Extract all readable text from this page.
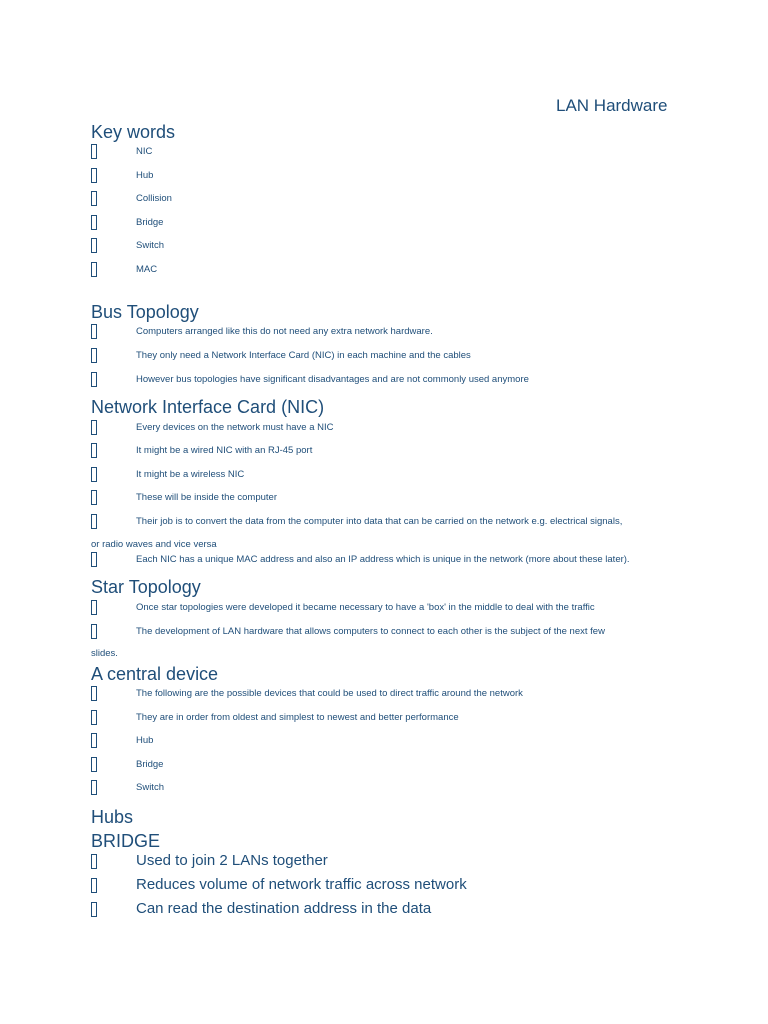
LAN Hardware
Key words
NIC
Hub
Collision
Bridge
Switch
MAC
Bus Topology
Computers arranged like this do not need any extra network hardware.
They only need a Network Interface Card (NIC) in each machine and the cables
However bus topologies have significant disadvantages and are not commonly used anymore
Network Interface Card (NIC)
Every devices on the network must have a NIC
It might be a wired NIC with an RJ-45 port
It might be a wireless NIC
These will be inside the computer
Their job is to convert the data from the computer into data that can be carried on the network e.g. electrical signals,
or radio waves and vice versa
Each NIC has a unique MAC address and also an IP address which is unique in the network (more about these later).
Star Topology
Once star topologies were developed it became necessary to have a 'box' in the middle to deal with the traffic
The development of LAN hardware that allows computers to connect to each other is the subject of the next few
slides.
A central device
The following are the possible devices that could be used to direct traffic around the network
They are in order from oldest and simplest to newest and better performance
Hub
Bridge
Switch
Hubs
BRIDGE
Used to join 2 LANs together
Reduces volume of network traffic across network
Can read the destination address in the data
